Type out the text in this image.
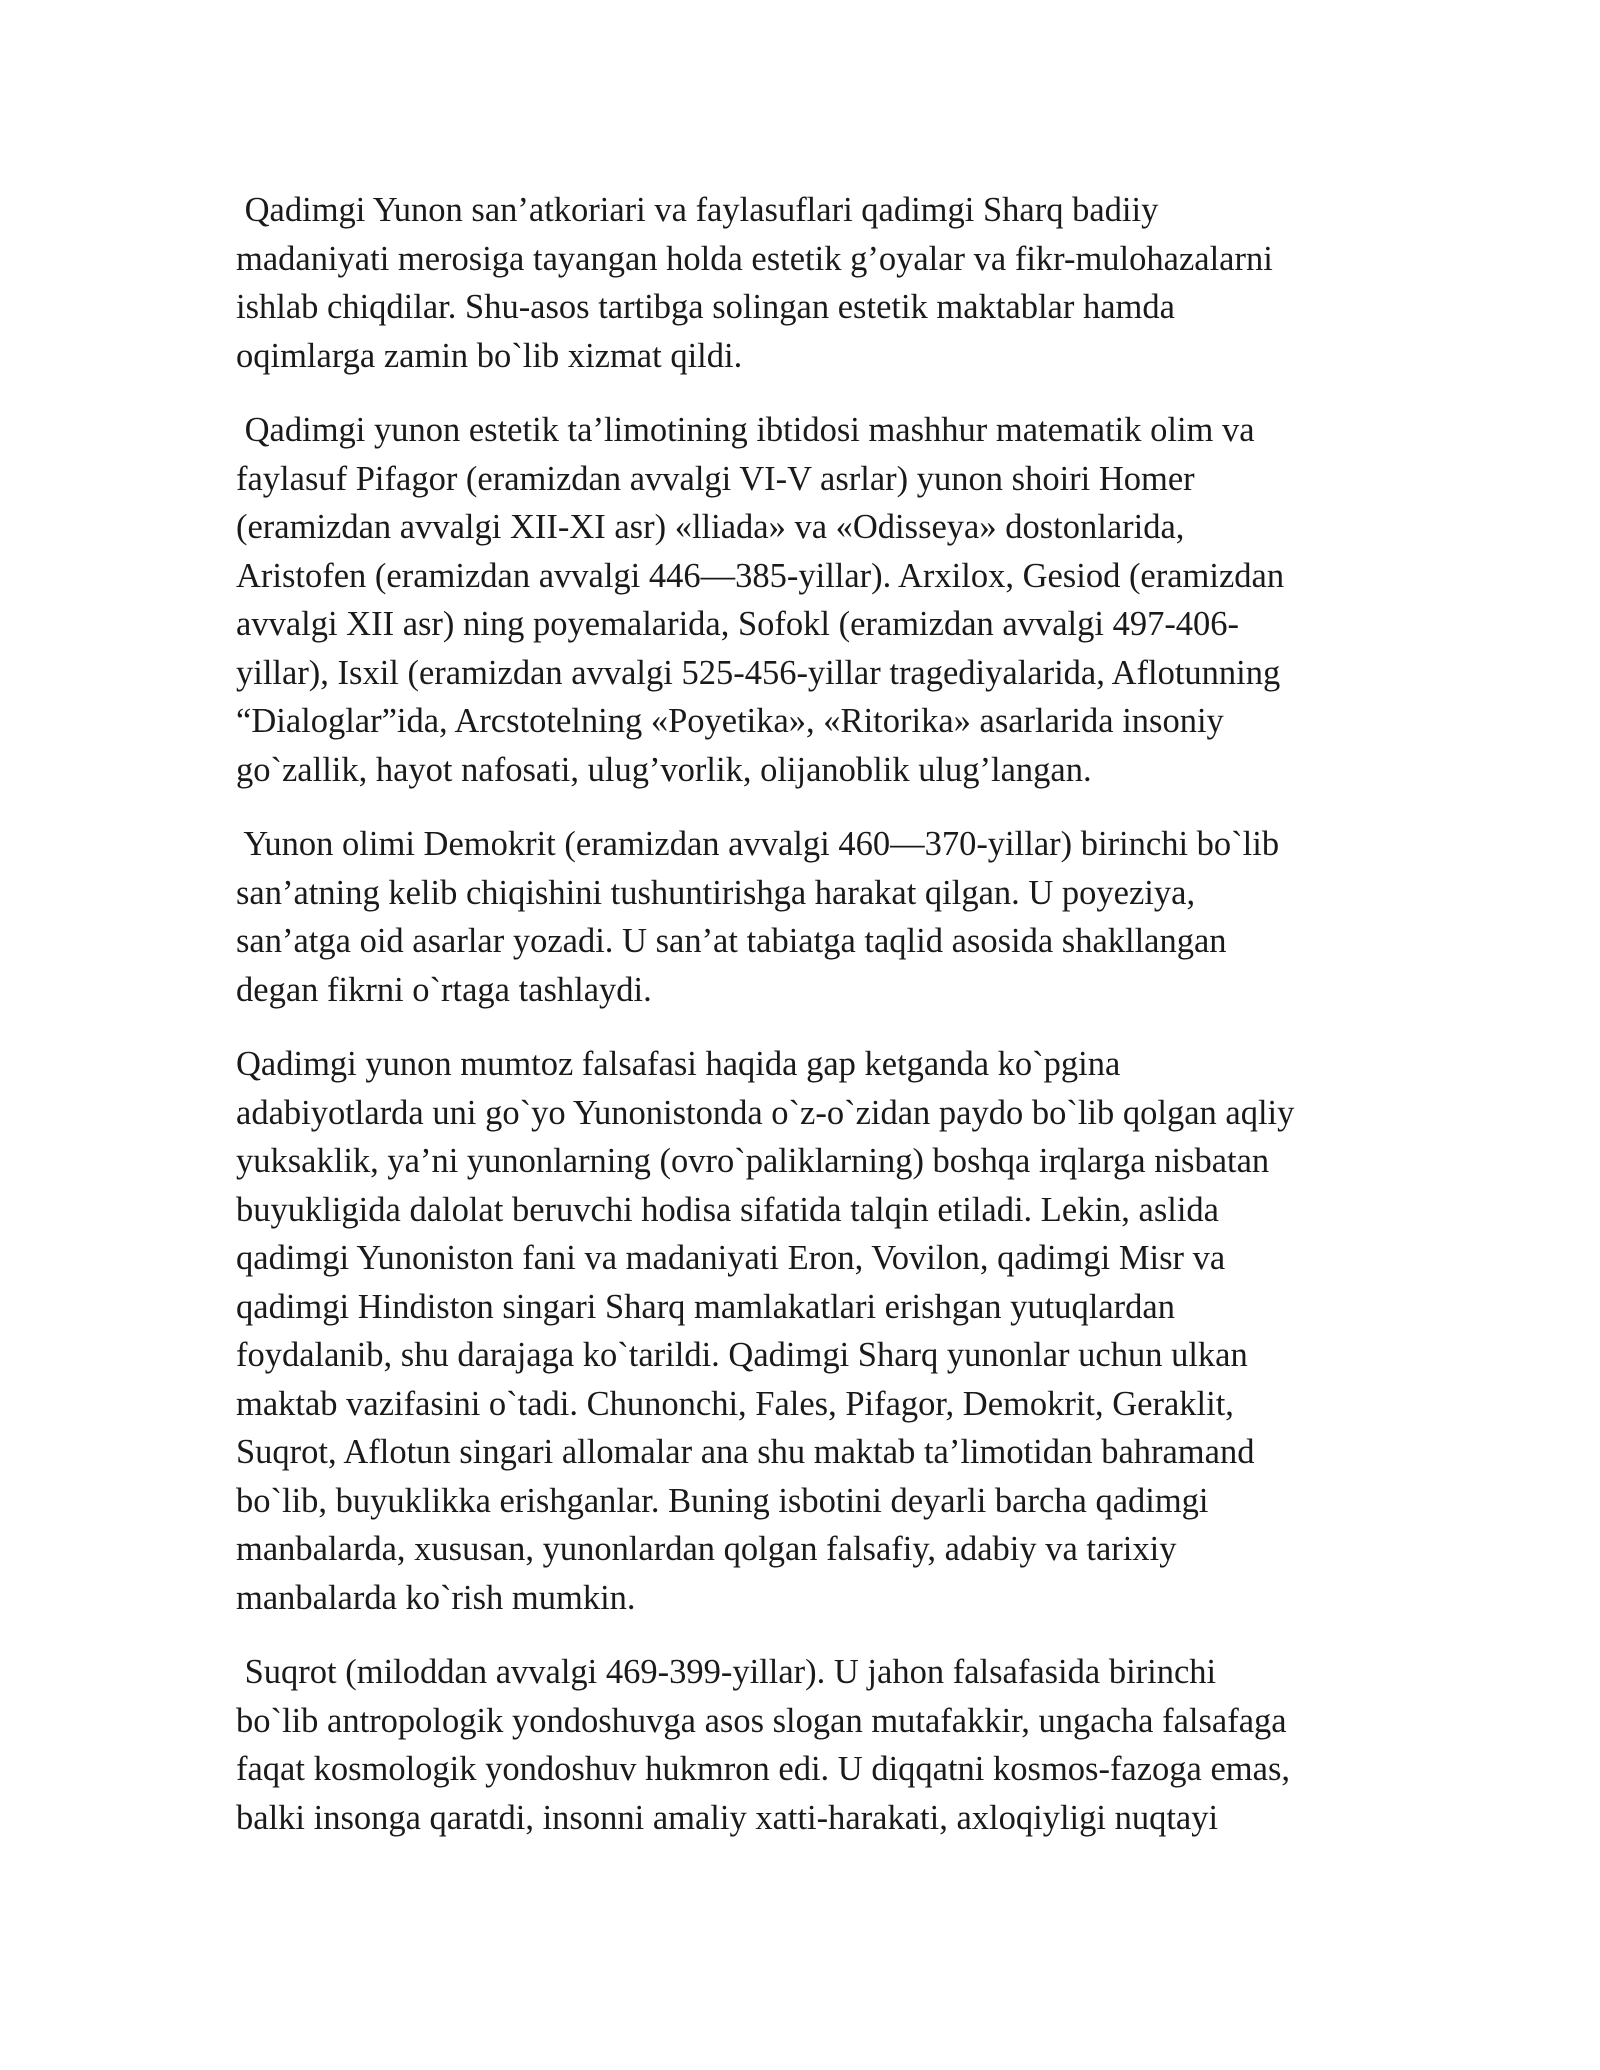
Qadimgi Yunon san’atkoriari va faylasuflari qadimgi Sharq badiiy
madaniyati merosiga tayangan holda estetik g’oyalar va fikr-mulohazalarni
ishlab chiqdilar. Shu-asos tartibga solingan estetik maktablar hamda
oqimlarga zamin bo`lib xizmat qildi.

Qadimgi yunon estetik ta’limotining ibtidosi mashhur matematik olim va
faylasuf Pifagor (eramizdan avvalgi VI-V asrlar) yunon shoiri Homer
(eramizdan avvalgi XII-XI asr) «lliada» va «Odisseya» dostonlarida,
Aristofen (eramizdan avvalgi 446—385-yillar). Arxilox, Gesiod (eramizdan
avvalgi XII asr) ning poyemalarida, Sofokl (eramizdan avvalgi 497-406-
yillar), Isxil (eramizdan avvalgi 525-456-yillar tragediyalarida, Aflotunning
“Dialoglar”ida, Arcstotelning «Poyetika», «Ritorika» asarlarida insoniy
go`zallik, hayot nafosati, ulug’vorlik, olijanoblik ulug’langan.

Yunon olimi Demokrit (eramizdan avvalgi 460—370-yillar) birinchi bo`lib
san’atning kelib chiqishini tushuntirishga harakat qilgan. U poyeziya,
san’atga oid asarlar yozadi. U san’at tabiatga taqlid asosida shakllangan
degan fikrni o`rtaga tashlaydi.

Qadimgi yunon mumtoz falsafasi haqida gap ketganda ko`pgina
adabiyotlarda uni go`yo Yunonistonda o`z-o`zidan paydo bo`lib qolgan aqliy
yuksaklik, ya’ni yunonlarning (ovro`paliklarning) boshqa irqlarga nisbatan
buyukligida dalolat beruvchi hodisa sifatida talqin etiladi. Lekin, aslida
qadimgi Yunoniston fani va madaniyati Eron, Vovilon, qadimgi Misr va
qadimgi Hindiston singari Sharq mamlakatlari erishgan yutuqlardan
foydalanib, shu darajaga ko`tarildi. Qadimgi Sharq yunonlar uchun ulkan
maktab vazifasini o`tadi. Chunonchi, Fales, Pifagor, Demokrit, Geraklit,
Suqrot, Aflotun singari allomalar ana shu maktab ta’limotidan bahramand
bo`lib, buyuklikka erishganlar. Buning isbotini deyarli barcha qadimgi
manbalarda, xususan, yunonlardan qolgan falsafiy, adabiy va tarixiy
manbalarda ko`rish mumkin.

Suqrot (miloddan avvalgi 469-399-yillar). U jahon falsafasida birinchi
bo`lib antropologik yondoshuvga asos slogan mutafakkir, ungacha falsafaga
faqat kosmologik yondoshuv hukmron edi. U diqqatni kosmos-fazoga emas,
balki insonga qaratdi, insonni amaliy xatti-harakati, axloqiyligi nuqtayi
